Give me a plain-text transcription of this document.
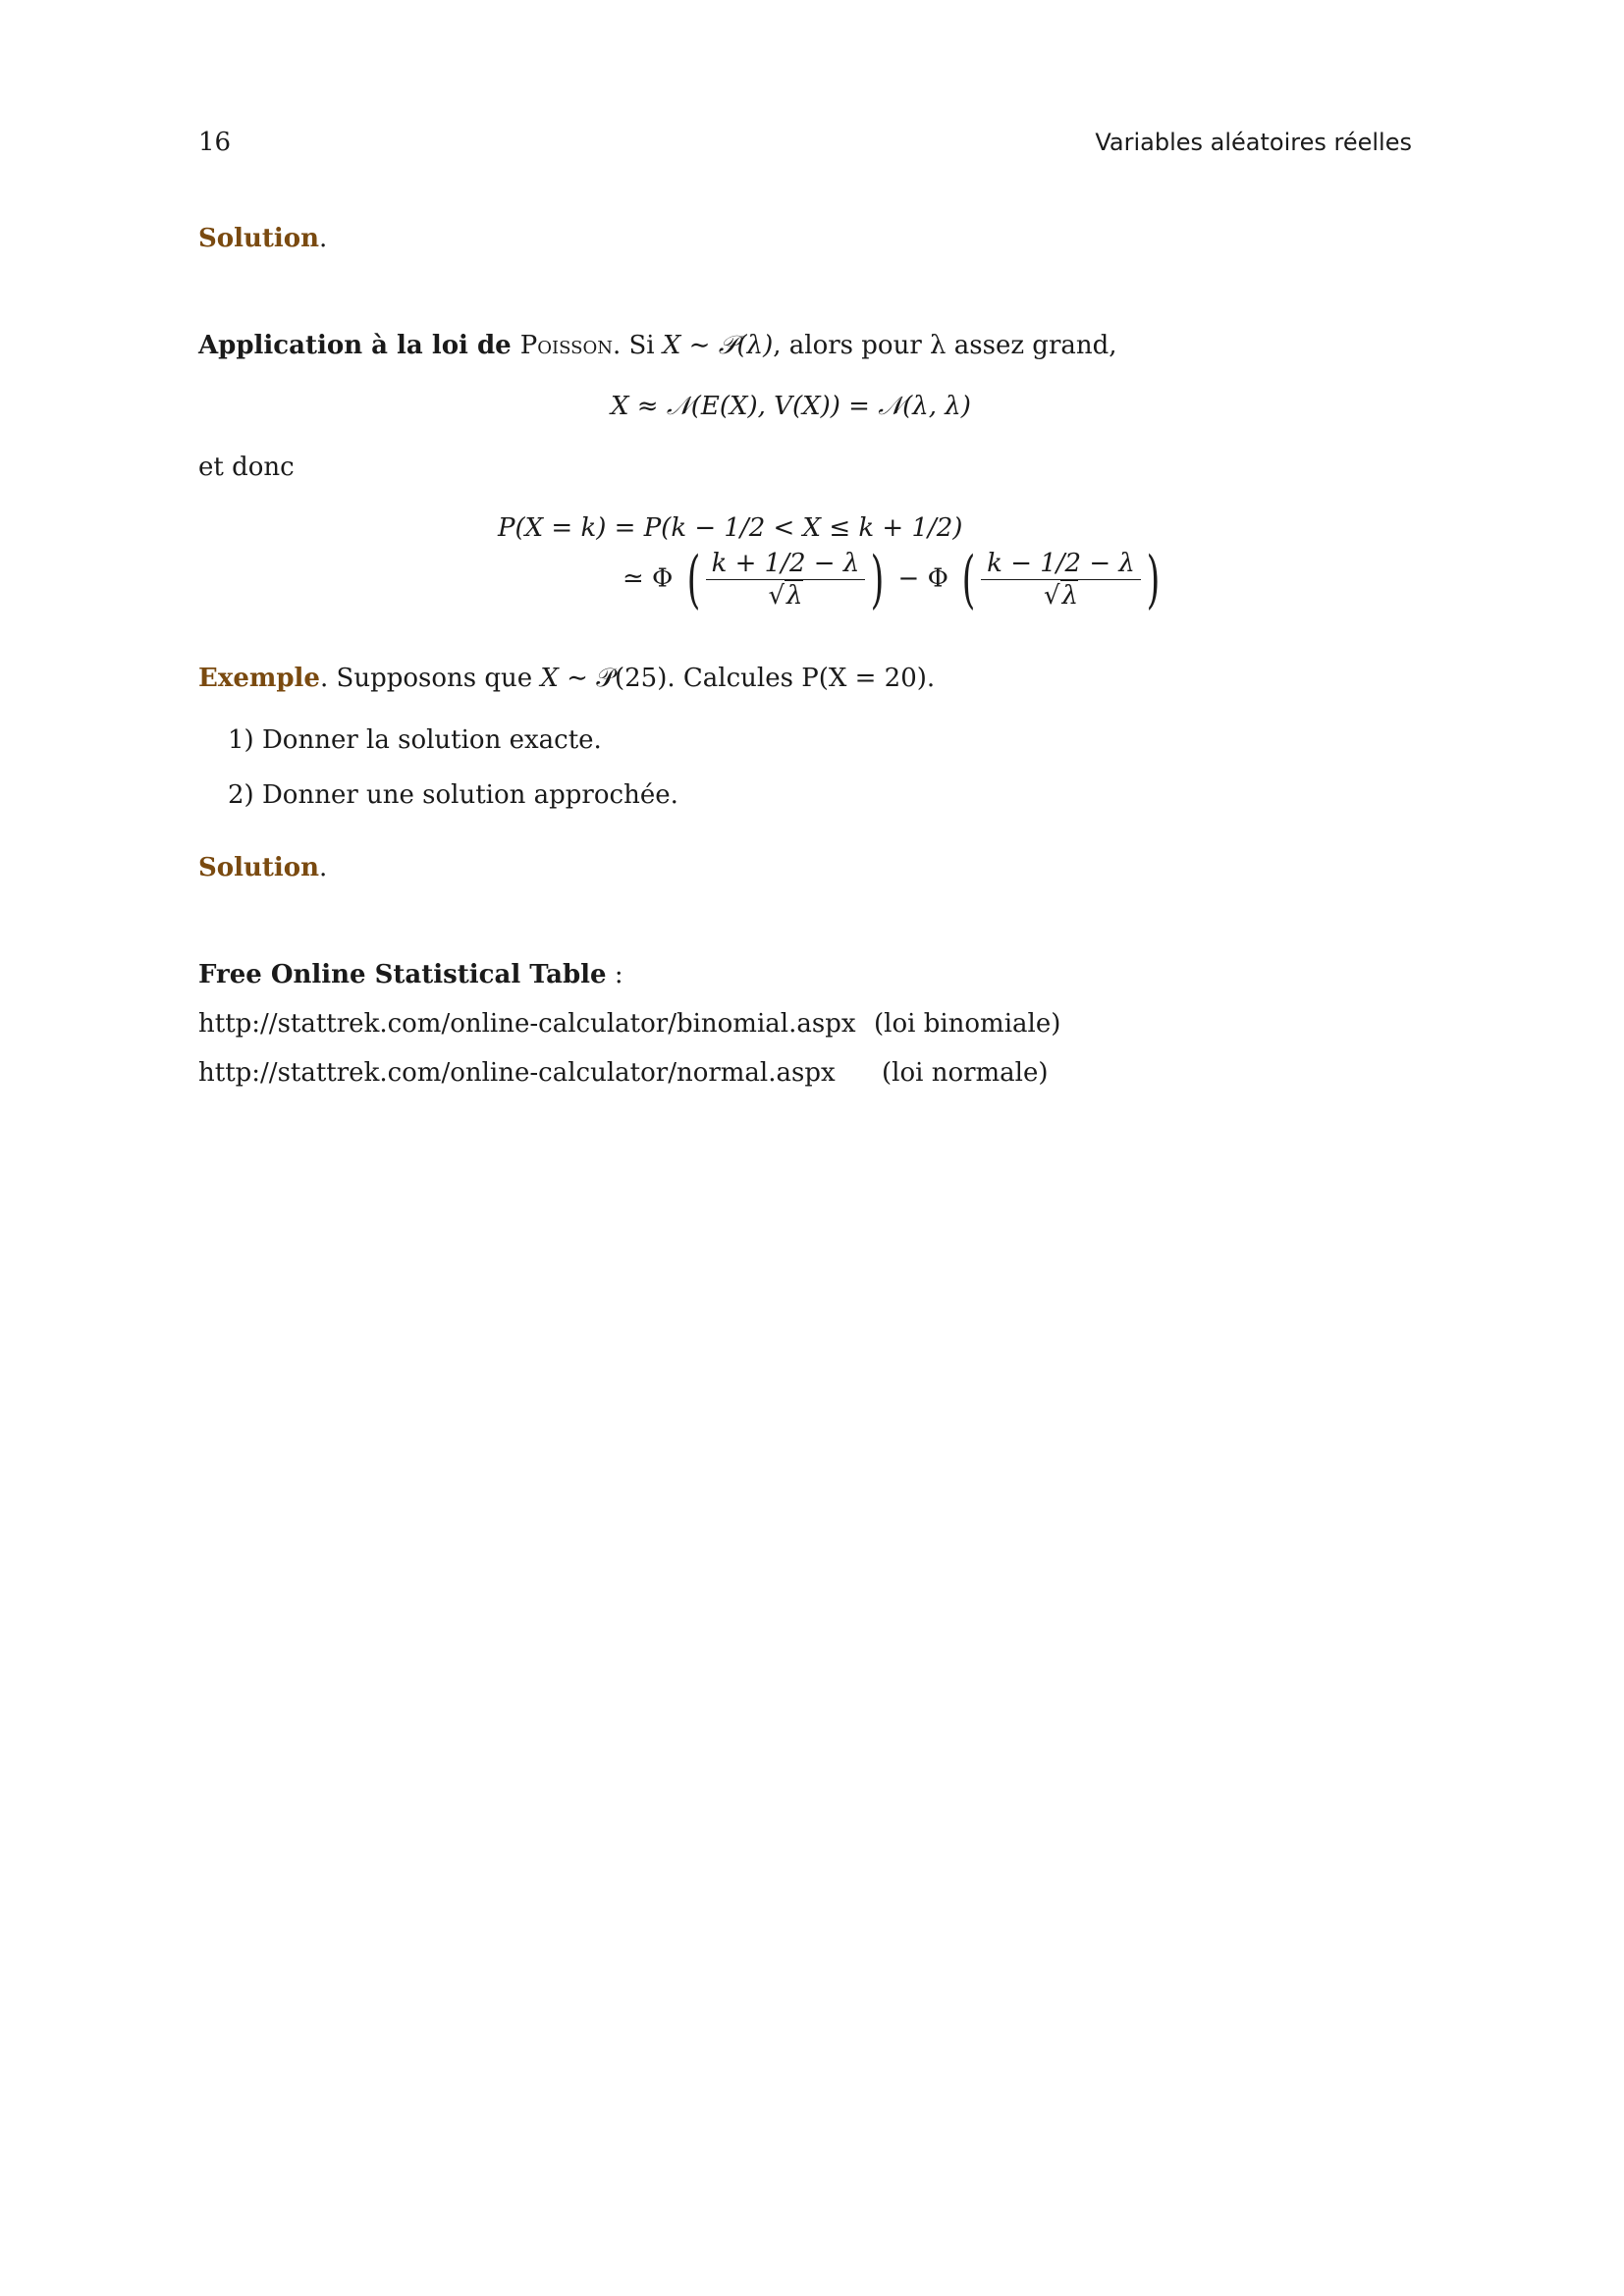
16	Variables aléatoires réelles
Solution.
Application à la loi de Poisson. Si X ∼ 𝒫(λ), alors pour λ assez grand,
X ≈ 𝒩(E(X), V(X)) = 𝒩(λ, λ)
et donc
P(X = k) = P(k − 1/2 < X ≤ k + 1/2)
≃ Φ ( $\frac{k + 1/2 - \lambda}{√\lambda}$ ) − Φ ( $\frac{k - 1/2 - \lambda}{√\lambda}$ )
Exemple. Supposons que X ∼ 𝒫(25). Calcules P(X = 20).
1) Donner la solution exacte.
2) Donner une solution approchée.
Solution.
Free Online Statistical Table :
http://stattrek.com/online-calculator/binomial.aspx (loi binomiale)
http://stattrek.com/online-calculator/normal.aspx (loi normale)
